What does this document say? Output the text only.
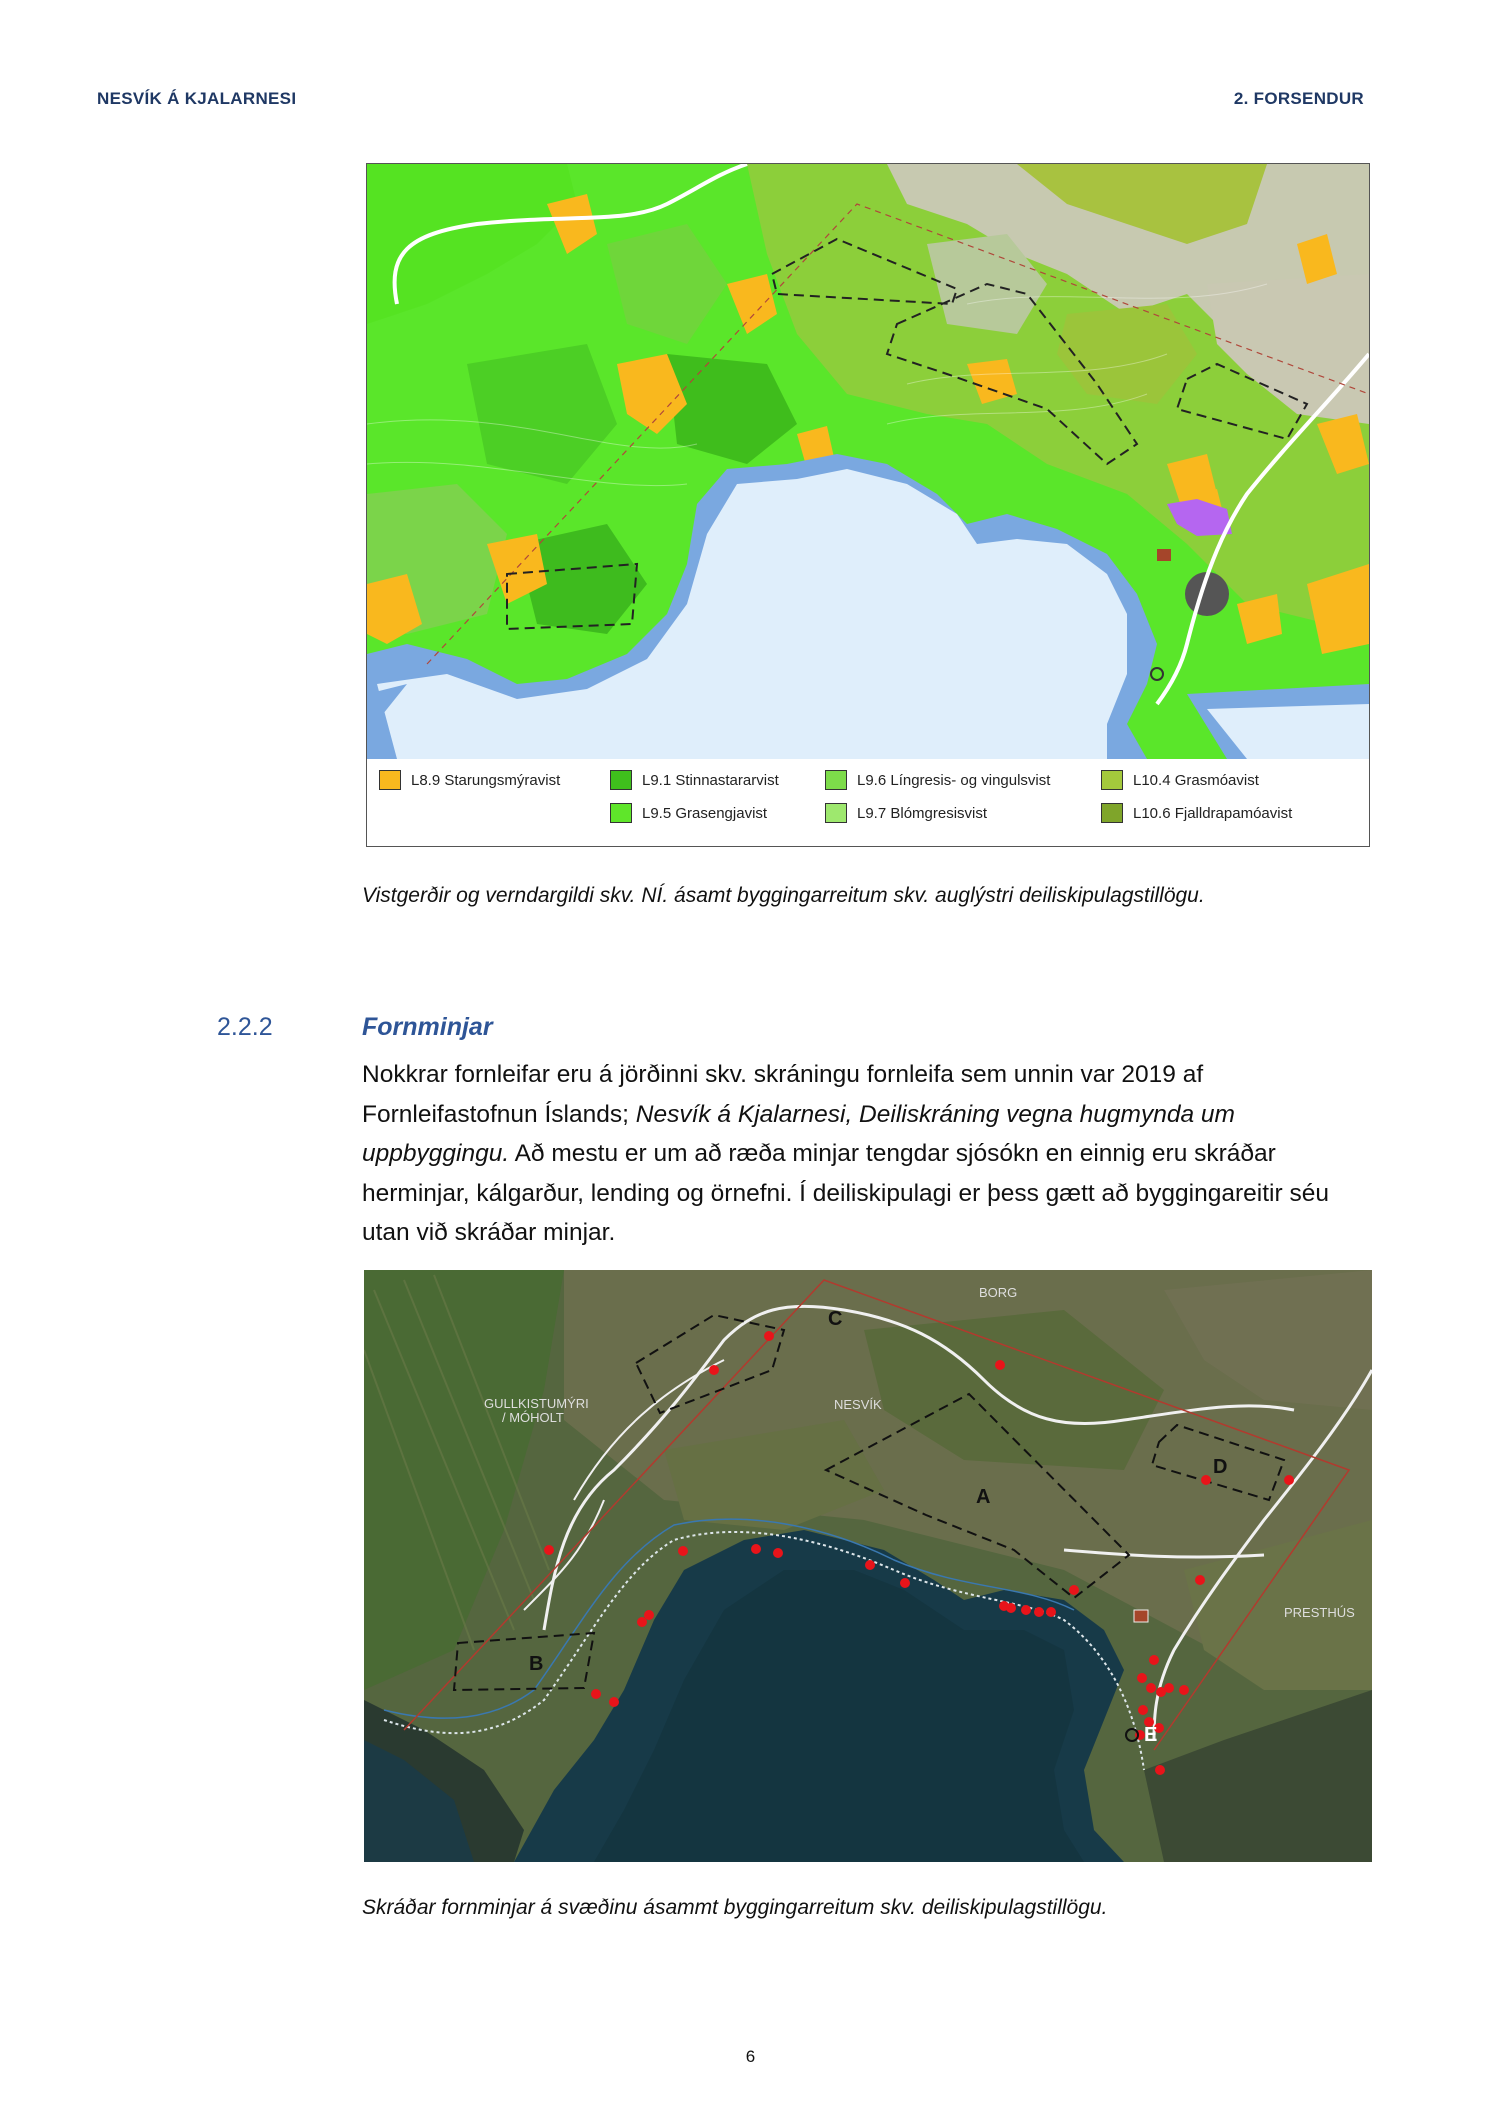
NESVÍK Á KJALARNESI	2. FORSENDUR
L8.9 Starungsmýravist	L9.1 Stinnastararvist
L9.5 Grasengjavist
L9.6 Língresis- og vingulsvist
L9.7 Blómgresisvist
L10.4 Grasmóavist
L10.6 Fjalldrapamóavist
Vistgerðir og verndargildi skv. NÍ. ásamt byggingarreitum skv. auglýstri deiliskipulagstillögu.
2.2.2	Fornminjar
Nokkrar fornleifar eru á jörðinni skv. skráningu fornleifa sem unnin var 2019 af Fornleifastofnun Íslands; Nesvík á Kjalarnesi, Deiliskráning vegna hugmynda um uppbyggingu. Að mestu er um að ræða minjar tengdar sjósókn en einnig eru skráðar herminjar, kálgarður, lending og örnefni. Í deiliskipulagi er þess gætt að byggingareitir séu utan við skráðar minjar.
BORG
GULLKISTUMÝRI
/ MÓHOLT
NESVÍK
PRESTHÚS
C
A
D
B
E
Skráðar fornminjar á svæðinu ásammt byggingarreitum skv. deiliskipulagstillögu.
6
